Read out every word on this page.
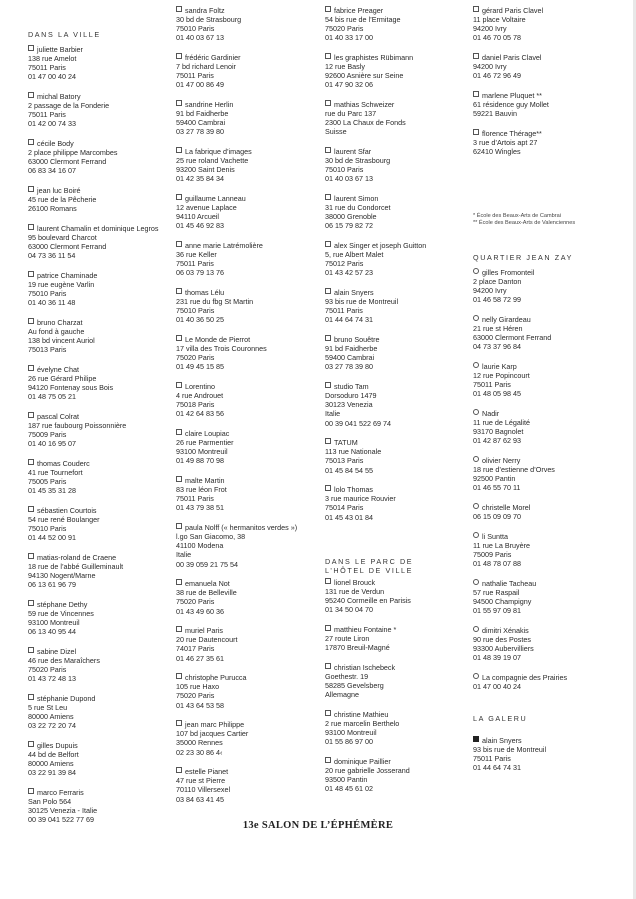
DANS LA VILLE
juliette Barbier
138 rue Amelot
75011 Paris
01 47 00 40 24
michal Batory
2 passage de la Fonderie
75011 Paris
01 42 00 74 33
cécile Body
2 place philippe Marcombes
63000 Clermont Ferrand
06 83 34 16 07
jean luc Boiré
45 rue de la Pêcherie
26100 Romans
laurent Chamalin et dominique Legros
95 boulevard Charcot
63000 Clermont Ferrand
04 73 36 11 54
patrice Chaminade
19 rue eugène Varlin
75010 Paris
01 40 36 11 48
bruno Charzat
Au fond à gauche
138 bd vincent Auriol
75013 Paris
évelyne Chat
26 rue Gérard Philipe
94120 Fontenay sous Bois
01 48 75 05 21
pascal Colrat
187 rue faubourg Poissonnière
75009 Paris
01 40 16 95 07
thomas Couderc
41 rue Tournefort
75005 Paris
01 45 35 31 28
sébastien Courtois
54 rue rené Boulanger
75010 Paris
01 44 52 00 91
matias-roland de Craene
18 rue de l’abbé Guilleminault
94130 Nogent/Marne
06 13 61 96 79
stéphane Dethy
59 rue de Vincennes
93100 Montreuil
06 13 40 95 44
sabine Dizel
46 rue des Maraîchers
75020 Paris
01 43 72 48 13
stéphanie Dupond
5 rue St Leu
80000 Amiens
03 22 72 20 74
gilles Dupuis
44 bd de Belfort
80000 Amiens
03 22 91 39 84
marco Ferraris
San Polo 564
30125 Venezia - Italie
00 39 041 522 77 69
sandra Foltz
30 bd de Strasbourg
75010 Paris
01 40 03 67 13
frédéric Gardinier
7 bd richard Lenoir
75011 Paris
01 47 00 86 49
sandrine Herlin
91 bd Faidherbe
59400 Cambrai
03 27 78 39 80
La fabrique d’images
25 rue roland Vachette
93200 Saint Denis
01 42 35 84 34
guillaume Lanneau
12 avenue Laplace
94110 Arcueil
01 45 46 92 83
anne marie Latrémolière
36 rue Keller
75011 Paris
06 03 79 13 76
thomas Lélu
231 rue du fbg St Martin
75010 Paris
01 40 36 50 25
Le Monde de Pierrot
17 villa des Trois Couronnes
75020 Paris
01 49 45 15 85
Lorentino
4 rue Androuet
75018 Paris
01 42 64 83 56
claire Loupiac
26 rue Parmentier
93100 Montreuil
01 49 88 70 98
malte Martin
83 rue léon Frot
75011 Paris
01 43 79 38 51
paula Nolff (« hermanitos verdes »)
l.go San Giacomo, 38
41100 Modena
Italie
00 39 059 21 75 54
emanuela Not
38 rue de Belleville
75020 Paris
01 43 49 60 36
muriel Paris
20 rue Dautencourt
74017 Paris
01 46 27 35 61
christophe Purucca
105 rue Haxo
75020 Paris
01 43 64 53 58
jean marc Philippe
107 bd jacques Cartier
35000 Rennes
02 23 30 86 4‹
estelle Pianet
47 rue st Pierre
70110 Villersexel
03 84 63 41 45
fabrice Preager
54 bis rue de l’Ermitage
75020 Paris
01 40 33 17 00
les graphistes Rübimann
12 rue Basly
92600 Asnière sur Seine
01 47 90 32 06
mathias Schweizer
rue du Parc 137
2300 La Chaux de Fonds
Suisse
laurent Sfar
30 bd de Strasbourg
75010 Paris
01 40 03 67 13
laurent Simon
31 rue du Condorcet
38000 Grenoble
06 15 79 82 72
alex Singer et joseph Guitton
5, rue Albert Malet
75012 Paris
01 43 42 57 23
alain Snyers
93 bis rue de Montreuil
75011 Paris
01 44 64 74 31
bruno Souêtre
91 bd Faidherbe
59400 Cambrai
03 27 78 39 80
studio Tam
Dorsoduro 1479
30123 Venezia
Italie
00 39 041 522 69 74
TATUM
113 rue Nationale
75013 Paris
01 45 84 54 55
lolo Thomas
3 rue maurice Rouvier
75014 Paris
01 45 43 01 84
lionel Brouck
131 rue de Verdun
95240 Cormeille en Parisis
01 34 50 04 70
matthieu Fontaine *
27 route Liron
17870 Breuil-Magné
christian Ischebeck
Goethestr. 19
58285 Gevelsberg
Allemagne
christine Mathieu
2 rue marcelin Berthelo
93100 Montreuil
01 55 86 97 00
dominique Paillier
20 rue gabrielle Josserand
93500 Pantin
01 48 45 61 02
DANS LE PARC DE
L’HÔTEL DE VILLE
gérard Paris Clavel
11 place Voltaire
94200 Ivry
01 46 70 05 78
daniel Paris Clavel
94200 Ivry
01 46 72 96 49
marlene Pluquet **
61 résidence guy Mollet
59221 Bauvin
florence Thérage**
3 rue d’Artois apt 27
62410 Wingles
gilles Fromonteil
2 place Danton
94200 Ivry
01 46 58 72 99
nelly Girardeau
21 rue st Héren
63000 Clermont Ferrand
04 73 37 96 84
laurie Karp
12 rue Popincourt
75011 Paris
01 48 05 98 45
Nadir
11 rue de Légalité
93170 Bagnolet
01 42 87 62 93
olivier Nerry
18 rue d’estienne d’Orves
92500 Pantin
01 46 55 70 11
christelle Morel
06 15 09 09 70
li Suntta
11 rue La Bruyère
75009 Paris
01 48 78 07 88
nathalie Tacheau
57 rue Raspail
94500 Champigny
01 55 97 09 81
dimitri Xénakis
90 rue des Postes
93300 Aubervilliers
01 48 39 19 07
La compagnie des Prairies
01 47 00 40 24
alain Snyers
93 bis rue de Montreuil
75011 Paris
01 44 64 74 31
* École des Beaux-Arts de Cambrai
** École des Beaux-Arts de Valenciennes
QUARTIER JEAN ZAY
LA GALERU
13e SALON DE L’ÉPHÉMÈRE
